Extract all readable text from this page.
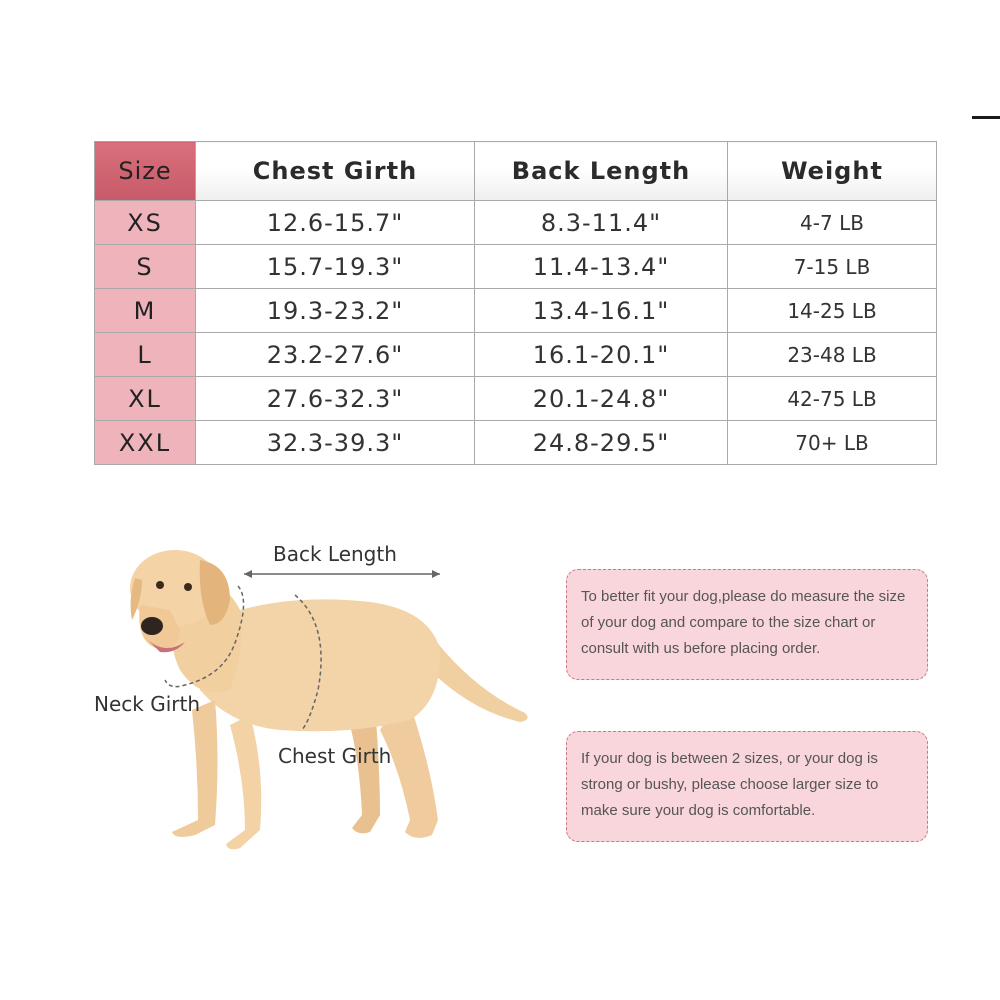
Size	Chest Girth	Back Length	Weight
XS	12.6-15.7"	8.3-11.4"	4-7 LB
S	15.7-19.3"	11.4-13.4"	7-15 LB
M	19.3-23.2"	13.4-16.1"	14-25 LB
L	23.2-27.6"	16.1-20.1"	23-48 LB
XL	27.6-32.3"	20.1-24.8"	42-75 LB
XXL	32.3-39.3"	24.8-29.5"	70+ LB
Back Length
Neck Girth
Chest Girth
To better fit your dog,please do measure the size of your dog and compare to the size chart or consult with us before placing order.
If your dog is between 2 sizes, or your dog is strong or bushy, please choose larger size to make sure your dog is comfortable.
